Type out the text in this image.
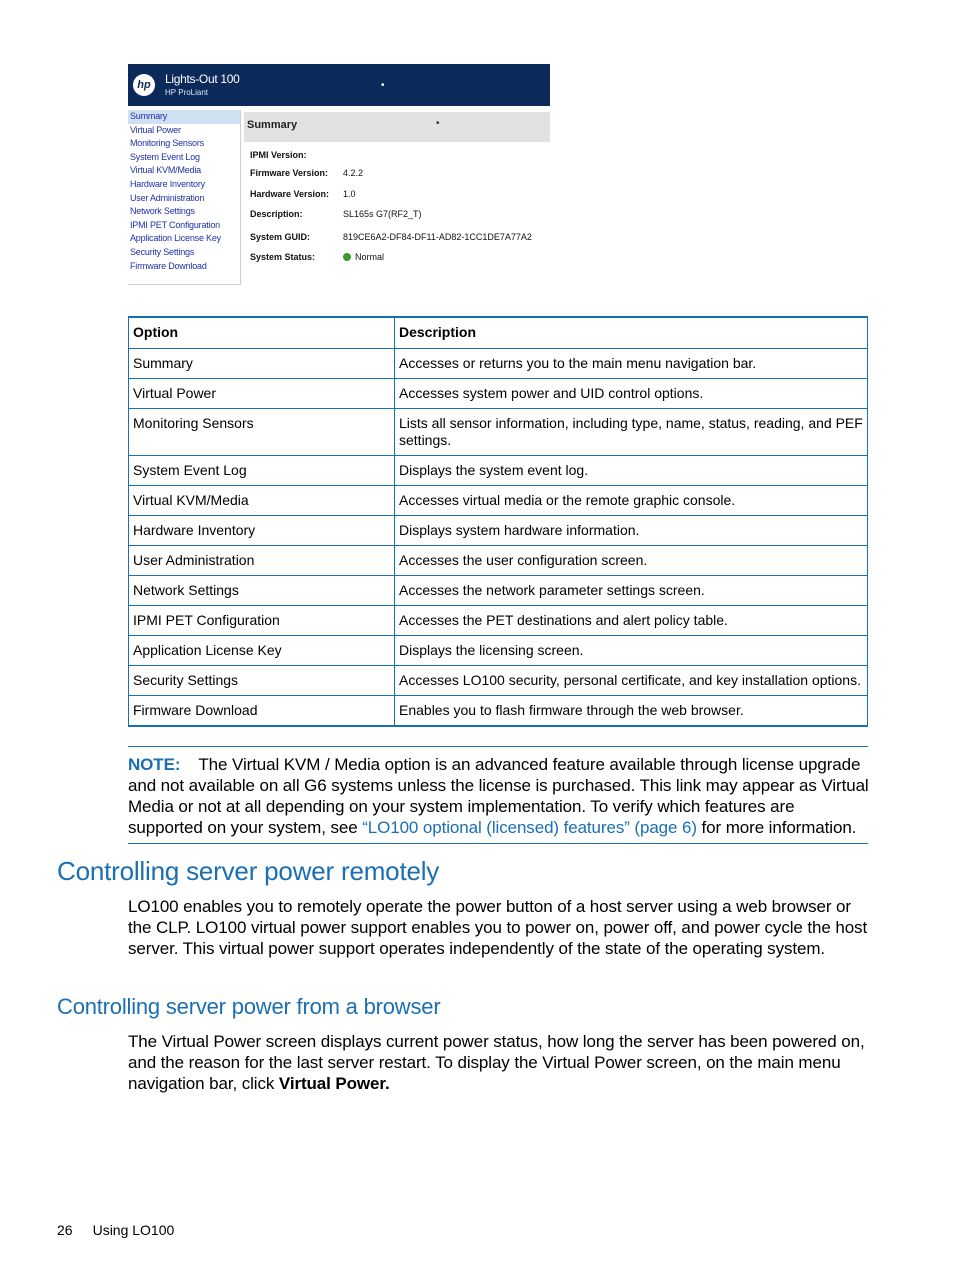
hp	Lights-Out 100
HP ProLiant
•
Summary
Virtual Power
Monitoring Sensors
System Event Log
Virtual KVM/Media
Hardware Inventory
User Administration
Network Settings
IPMI PET Configuration
Application License Key
Security Settings
Firmware Download
Summary	•
IPMI Version:
Firmware Version:	4.2.2
Hardware Version:	1.0
Description:	SL165s G7(RF2_T)
System GUID:	819CE6A2-DF84-DF11-AD82-1CC1DE7A77A2
System Status:	Normal
Option	Description
Summary	Accesses or returns you to the main menu navigation bar.
Virtual Power	Accesses system power and UID control options.
Monitoring Sensors	Lists all sensor information, including type, name, status, reading, and PEF settings.
System Event Log	Displays the system event log.
Virtual KVM/Media	Accesses virtual media or the remote graphic console.
Hardware Inventory	Displays system hardware information.
User Administration	Accesses the user configuration screen.
Network Settings	Accesses the network parameter settings screen.
IPMI PET Configuration	Accesses the PET destinations and alert policy table.
Application License Key	Displays the licensing screen.
Security Settings	Accesses LO100 security, personal certificate, and key installation options.
Firmware Download	Enables you to flash firmware through the web browser.
NOTE: The Virtual KVM / Media option is an advanced feature available through license upgrade and not available on all G6 systems unless the license is purchased. This link may appear as Virtual Media or not at all depending on your system implementation. To verify which features are supported on your system, see “LO100 optional (licensed) features” (page 6) for more information.
Controlling server power remotely
LO100 enables you to remotely operate the power button of a host server using a web browser or the CLP. LO100 virtual power support enables you to power on, power off, and power cycle the host server. This virtual power support operates independently of the state of the operating system.
Controlling server power from a browser
The Virtual Power screen displays current power status, how long the server has been powered on, and the reason for the last server restart. To display the Virtual Power screen, on the main menu navigation bar, click Virtual Power.
26 Using LO100
